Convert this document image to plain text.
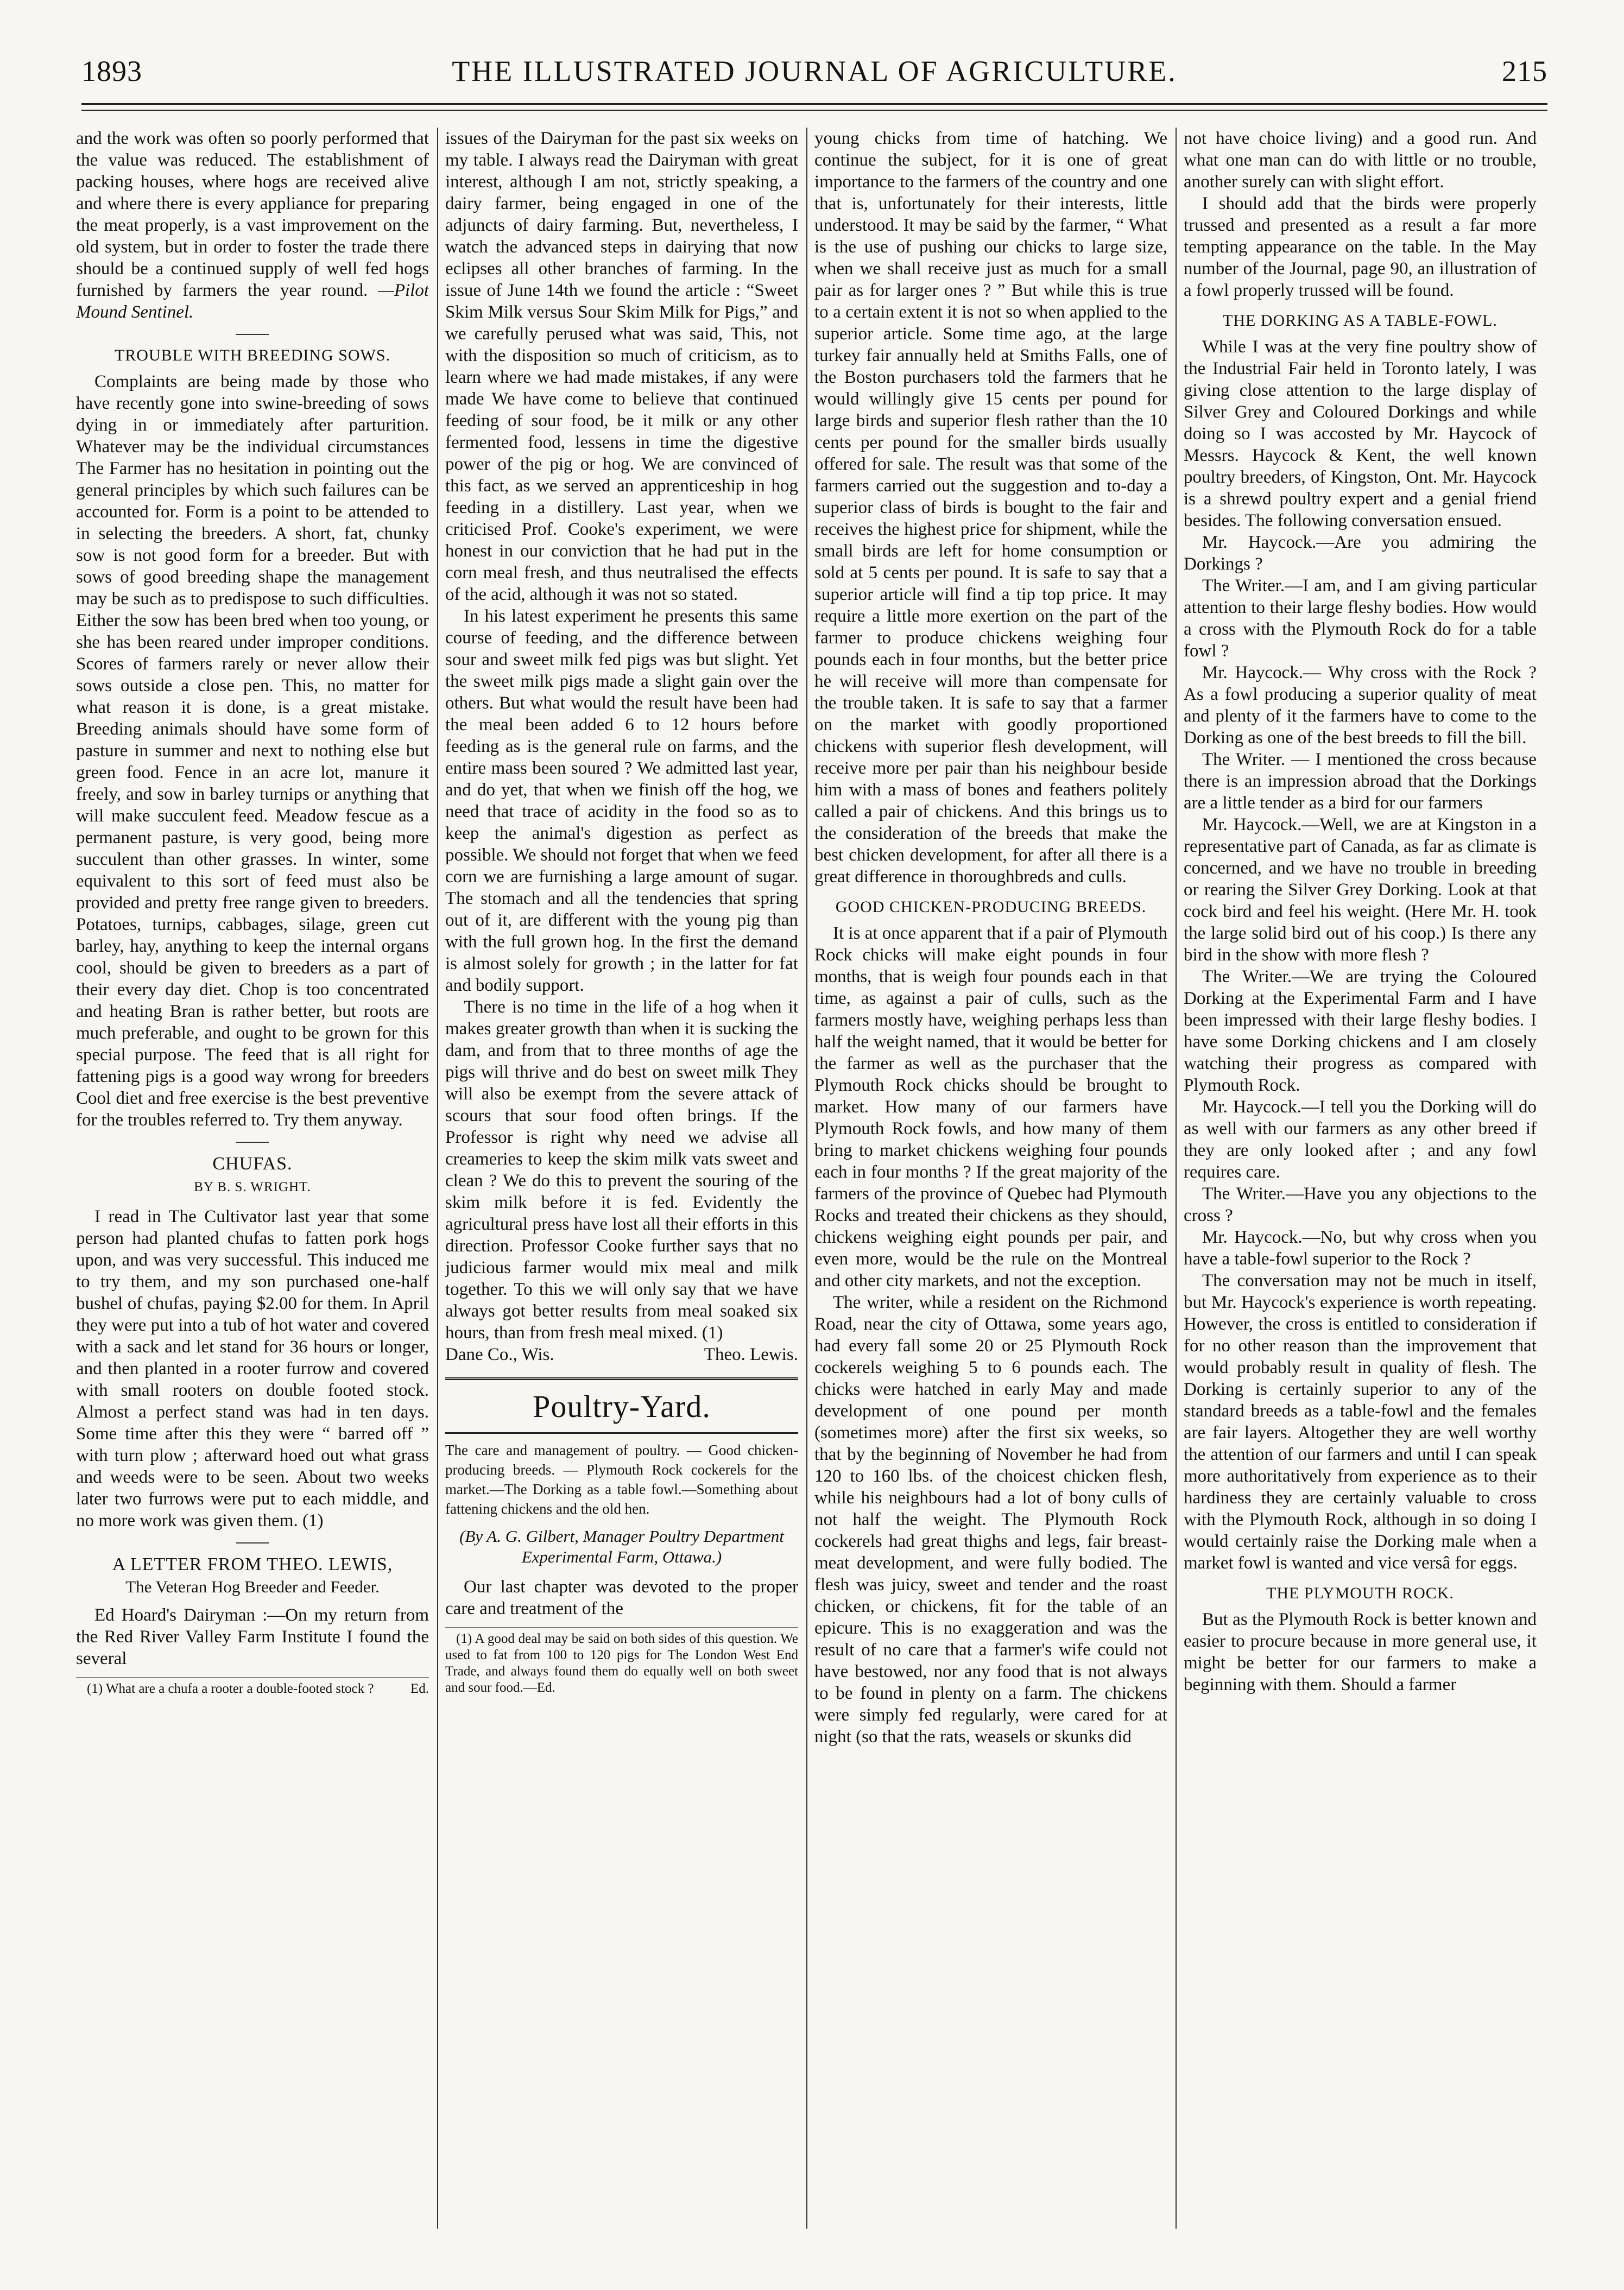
1893	THE ILLUSTRATED JOURNAL OF AGRICULTURE.	215

and the work was often so poorly performed that the value was reduced. The establishment of packing houses, where hogs are received alive and where there is every appliance for preparing the meat properly, is a vast improvement on the old system, but in order to foster the trade there should be a continued supply of well fed hogs furnished by farmers the year round. —Pilot Mound Sentinel.

TROUBLE WITH BREEDING SOWS.

Complaints are being made by those who have recently gone into swine-breeding of sows dying in or immediately after parturition. Whatever may be the individual circumstances The Farmer has no hesitation in pointing out the general principles by which such failures can be accounted for. Form is a point to be attended to in selecting the breeders. A short, fat, chunky sow is not good form for a breeder. But with sows of good breeding shape the management may be such as to predispose to such difficulties. Either the sow has been bred when too young, or she has been reared under improper conditions. Scores of farmers rarely or never allow their sows outside a close pen. This, no matter for what reason it is done, is a great mistake. Breeding animals should have some form of pasture in summer and next to nothing else but green food. Fence in an acre lot, manure it freely, and sow in barley turnips or anything that will make succulent feed. Meadow fescue as a permanent pasture, is very good, being more succulent than other grasses. In winter, some equivalent to this sort of feed must also be provided and pretty free range given to breeders. Potatoes, turnips, cabbages, silage, green cut barley, hay, anything to keep the internal organs cool, should be given to breeders as a part of their every day diet. Chop is too concentrated and heating Bran is rather better, but roots are much preferable, and ought to be grown for this special purpose. The feed that is all right for fattening pigs is a good way wrong for breeders Cool diet and free exercise is the best preventive for the troubles referred to. Try them anyway.

CHUFAS.
BY B. S. WRIGHT.

I read in The Cultivator last year that some person had planted chufas to fatten pork hogs upon, and was very successful. This induced me to try them, and my son purchased one-half bushel of chufas, paying $2.00 for them. In April they were put into a tub of hot water and covered with a sack and let stand for 36 hours or longer, and then planted in a rooter furrow and covered with small rooters on double footed stock. Almost a perfect stand was had in ten days. Some time after this they were “ barred off ” with turn plow ; afterward hoed out what grass and weeds were to be seen. About two weeks later two furrows were put to each middle, and no more work was given them. (1)

A LETTER FROM THEO. LEWIS,
The Veteran Hog Breeder and Feeder.

Ed Hoard's Dairyman :—On my return from the Red River Valley Farm Institute I found the several

(1) What are a chufa a rooter a double-footed stock ?	Ed.

issues of the Dairyman for the past six weeks on my table. I always read the Dairyman with great interest, although I am not, strictly speaking, a dairy farmer, being engaged in one of the adjuncts of dairy farming. But, nevertheless, I watch the advanced steps in dairying that now eclipses all other branches of farming. In the issue of June 14th we found the article : “Sweet Skim Milk versus Sour Skim Milk for Pigs,” and we carefully perused what was said, This, not with the disposition so much of criticism, as to learn where we had made mistakes, if any were made We have come to believe that continued feeding of sour food, be it milk or any other fermented food, lessens in time the digestive power of the pig or hog. We are convinced of this fact, as we served an apprenticeship in hog feeding in a distillery. Last year, when we criticised Prof. Cooke's experiment, we were honest in our conviction that he had put in the corn meal fresh, and thus neutralised the effects of the acid, although it was not so stated.

In his latest experiment he presents this same course of feeding, and the difference between sour and sweet milk fed pigs was but slight. Yet the sweet milk pigs made a slight gain over the others. But what would the result have been had the meal been added 6 to 12 hours before feeding as is the general rule on farms, and the entire mass been soured ? We admitted last year, and do yet, that when we finish off the hog, we need that trace of acidity in the food so as to keep the animal's digestion as perfect as possible. We should not forget that when we feed corn we are furnishing a large amount of sugar. The stomach and all the tendencies that spring out of it, are different with the young pig than with the full grown hog. In the first the demand is almost solely for growth ; in the latter for fat and bodily support.

There is no time in the life of a hog when it makes greater growth than when it is sucking the dam, and from that to three months of age the pigs will thrive and do best on sweet milk They will also be exempt from the severe attack of scours that sour food often brings. If the Professor is right why need we advise all creameries to keep the skim milk vats sweet and clean ? We do this to prevent the souring of the skim milk before it is fed. Evidently the agricultural press have lost all their efforts in this direction. Professor Cooke further says that no judicious farmer would mix meal and milk together. To this we will only say that we have always got better results from meal soaked six hours, than from fresh meal mixed. (1)

Dane Co., Wis.	Theo. Lewis.

Poultry-Yard.

The care and management of poultry. — Good chicken-producing breeds. — Plymouth Rock cockerels for the market.—The Dorking as a table fowl.—Something about fattening chickens and the old hen.

(By A. G. Gilbert, Manager Poultry Department Experimental Farm, Ottawa.)

Our last chapter was devoted to the proper care and treatment of the

(1) A good deal may be said on both sides of this question. We used to fat from 100 to 120 pigs for The London West End Trade, and always found them do equally well on both sweet and sour food.—Ed.

young chicks from time of hatching. We continue the subject, for it is one of great importance to the farmers of the country and one that is, unfortunately for their interests, little understood. It may be said by the farmer, “ What is the use of pushing our chicks to large size, when we shall receive just as much for a small pair as for larger ones ? ” But while this is true to a certain extent it is not so when applied to the superior article. Some time ago, at the large turkey fair annually held at Smiths Falls, one of the Boston purchasers told the farmers that he would willingly give 15 cents per pound for large birds and superior flesh rather than the 10 cents per pound for the smaller birds usually offered for sale. The result was that some of the farmers carried out the suggestion and to-day a superior class of birds is bought to the fair and receives the highest price for shipment, while the small birds are left for home consumption or sold at 5 cents per pound. It is safe to say that a superior article will find a tip top price. It may require a little more exertion on the part of the farmer to produce chickens weighing four pounds each in four months, but the better price he will receive will more than compensate for the trouble taken. It is safe to say that a farmer on the market with goodly proportioned chickens with superior flesh development, will receive more per pair than his neighbour beside him with a mass of bones and feathers politely called a pair of chickens. And this brings us to the consideration of the breeds that make the best chicken development, for after all there is a great difference in thoroughbreds and culls.

GOOD CHICKEN-PRODUCING BREEDS.

It is at once apparent that if a pair of Plymouth Rock chicks will make eight pounds in four months, that is weigh four pounds each in that time, as against a pair of culls, such as the farmers mostly have, weighing perhaps less than half the weight named, that it would be better for the farmer as well as the purchaser that the Plymouth Rock chicks should be brought to market. How many of our farmers have Plymouth Rock fowls, and how many of them bring to market chickens weighing four pounds each in four months ? If the great majority of the farmers of the province of Quebec had Plymouth Rocks and treated their chickens as they should, chickens weighing eight pounds per pair, and even more, would be the rule on the Montreal and other city markets, and not the exception.

The writer, while a resident on the Richmond Road, near the city of Ottawa, some years ago, had every fall some 20 or 25 Plymouth Rock cockerels weighing 5 to 6 pounds each. The chicks were hatched in early May and made development of one pound per month (sometimes more) after the first six weeks, so that by the beginning of November he had from 120 to 160 lbs. of the choicest chicken flesh, while his neighbours had a lot of bony culls of not half the weight. The Plymouth Rock cockerels had great thighs and legs, fair breast-meat development, and were fully bodied. The flesh was juicy, sweet and tender and the roast chicken, or chickens, fit for the table of an epicure. This is no exaggeration and was the result of no care that a farmer's wife could not have bestowed, nor any food that is not always to be found in plenty on a farm. The chickens were simply fed regularly, were cared for at night (so that the rats, weasels or skunks did

not have choice living) and a good run. And what one man can do with little or no trouble, another surely can with slight effort.

I should add that the birds were properly trussed and presented as a result a far more tempting appearance on the table. In the May number of the Journal, page 90, an illustration of a fowl properly trussed will be found.

THE DORKING AS A TABLE-FOWL.

While I was at the very fine poultry show of the Industrial Fair held in Toronto lately, I was giving close attention to the large display of Silver Grey and Coloured Dorkings and while doing so I was accosted by Mr. Haycock of Messrs. Haycock & Kent, the well known poultry breeders, of Kingston, Ont. Mr. Haycock is a shrewd poultry expert and a genial friend besides. The following conversation ensued.

Mr. Haycock.—Are you admiring the Dorkings ?

The Writer.—I am, and I am giving particular attention to their large fleshy bodies. How would a cross with the Plymouth Rock do for a table fowl ?

Mr. Haycock.— Why cross with the Rock ? As a fowl producing a superior quality of meat and plenty of it the farmers have to come to the Dorking as one of the best breeds to fill the bill.

The Writer. — I mentioned the cross because there is an impression abroad that the Dorkings are a little tender as a bird for our farmers

Mr. Haycock.—Well, we are at Kingston in a representative part of Canada, as far as climate is concerned, and we have no trouble in breeding or rearing the Silver Grey Dorking. Look at that cock bird and feel his weight. (Here Mr. H. took the large solid bird out of his coop.) Is there any bird in the show with more flesh ?

The Writer.—We are trying the Coloured Dorking at the Experimental Farm and I have been impressed with their large fleshy bodies. I have some Dorking chickens and I am closely watching their progress as compared with Plymouth Rock.

Mr. Haycock.—I tell you the Dorking will do as well with our farmers as any other breed if they are only looked after ; and any fowl requires care.

The Writer.—Have you any objections to the cross ?

Mr. Haycock.—No, but why cross when you have a table-fowl superior to the Rock ?

The conversation may not be much in itself, but Mr. Haycock's experience is worth repeating. However, the cross is entitled to consideration if for no other reason than the improvement that would probably result in quality of flesh. The Dorking is certainly superior to any of the standard breeds as a table-fowl and the females are fair layers. Altogether they are well worthy the attention of our farmers and until I can speak more authoritatively from experience as to their hardiness they are certainly valuable to cross with the Plymouth Rock, although in so doing I would certainly raise the Dorking male when a market fowl is wanted and vice versâ for eggs.

THE PLYMOUTH ROCK.

But as the Plymouth Rock is better known and easier to procure because in more general use, it might be better for our farmers to make a beginning with them. Should a farmer
